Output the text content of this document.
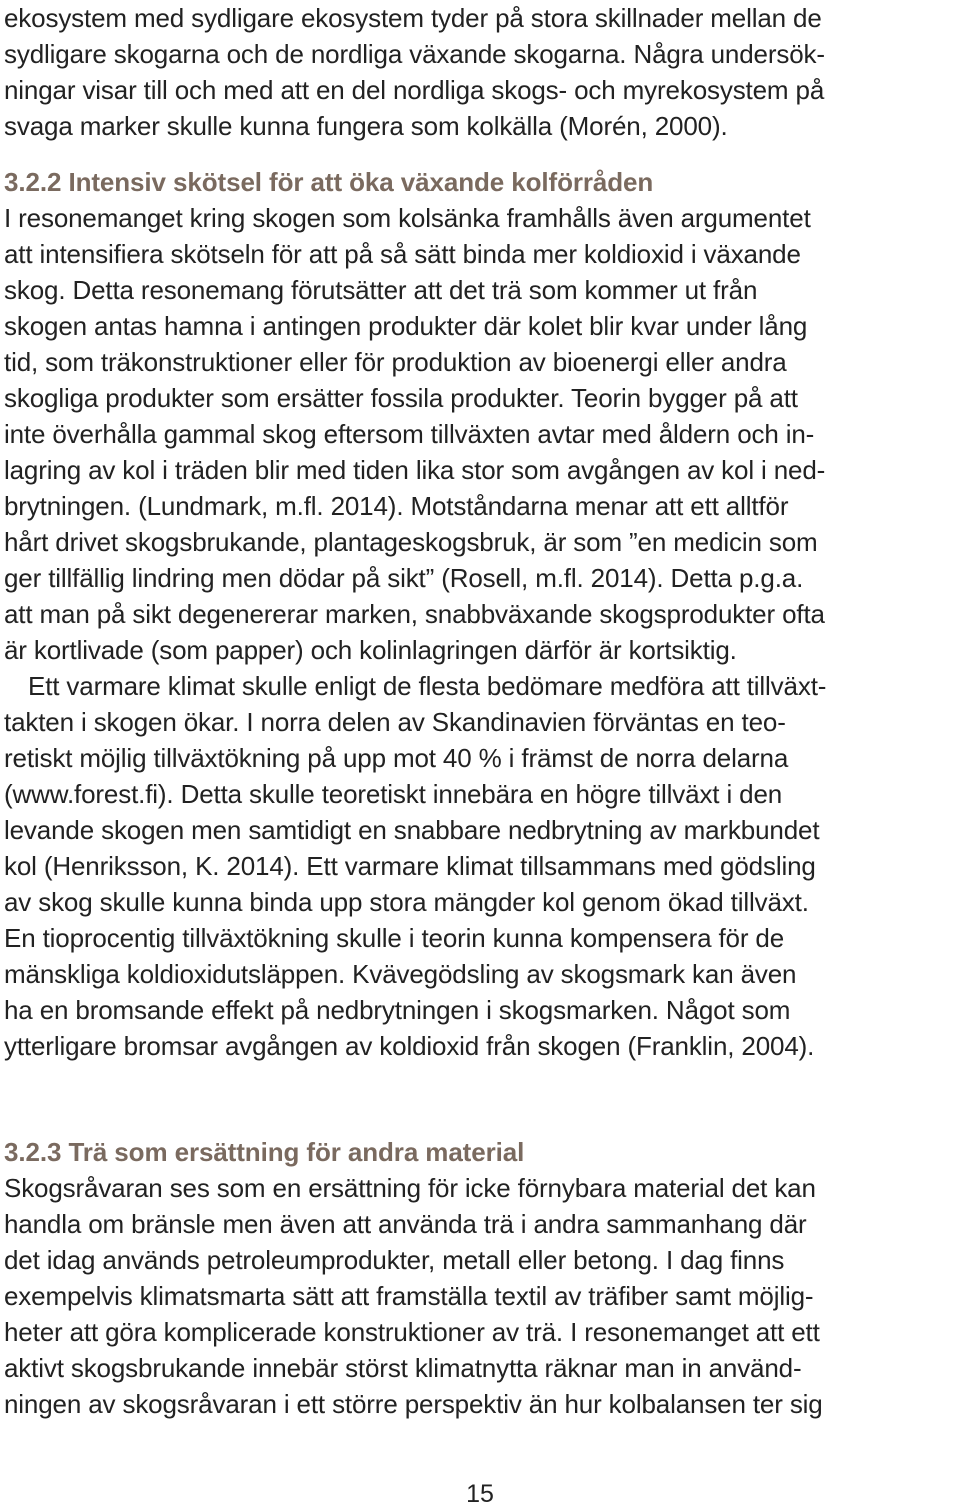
ekosystem med sydligare ekosystem tyder på stora skillnader mellan de
sydligare skogarna och de nordliga växande skogarna. Några undersök-
ningar visar till och med att en del nordliga skogs- och myrekosystem på
svaga marker skulle kunna fungera som kolkälla (Morén, 2000).
3.2.2 Intensiv skötsel för att öka växande kolförråden
I resonemanget kring skogen som kolsänka framhålls även argumentet
att intensifiera skötseln för att på så sätt binda mer koldioxid i växande
skog. Detta resonemang förutsätter att det trä som kommer ut från
skogen antas hamna i antingen produkter där kolet blir kvar under lång
tid, som träkonstruktioner eller för produktion av bioenergi eller andra
skogliga produkter som ersätter fossila produkter. Teorin bygger på att
inte överhålla gammal skog eftersom tillväxten avtar med åldern och in-
lagring av kol i träden blir med tiden lika stor som avgången av kol i ned-
brytningen. (Lundmark, m.fl. 2014). Motståndarna menar att ett alltför
hårt drivet skogsbrukande, plantageskogsbruk, är som ”en medicin som
ger tillfällig lindring men dödar på sikt” (Rosell, m.fl. 2014). Detta p.g.a.
att man på sikt degenererar marken, snabbväxande skogsprodukter ofta
är kortlivade (som papper) och kolinlagringen därför är kortsiktig.
Ett varmare klimat skulle enligt de flesta bedömare medföra att tillväxt-
takten i skogen ökar. I norra delen av Skandinavien förväntas en teo-
retiskt möjlig tillväxtökning på upp mot 40 % i främst de norra delarna
(www.forest.fi). Detta skulle teoretiskt innebära en högre tillväxt i den
levande skogen men samtidigt en snabbare nedbrytning av markbundet
kol (Henriksson, K. 2014). Ett varmare klimat tillsammans med gödsling
av skog skulle kunna binda upp stora mängder kol genom ökad tillväxt.
En tioprocentig tillväxtökning skulle i teorin kunna kompensera för de
mänskliga koldioxidutsläppen. Kvävegödsling av skogsmark kan även
ha en bromsande effekt på nedbrytningen i skogsmarken. Något som
ytterligare bromsar avgången av koldioxid från skogen (Franklin, 2004).
3.2.3 Trä som ersättning för andra material
Skogsråvaran ses som en ersättning för icke förnybara material det kan
handla om bränsle men även att använda trä i andra sammanhang där
det idag används petroleumprodukter, metall eller betong. I dag finns
exempelvis klimatsmarta sätt att framställa textil av träfiber samt möjlig-
heter att göra komplicerade konstruktioner av trä. I resonemanget att ett
aktivt skogsbrukande innebär störst klimatnytta räknar man in använd-
ningen av skogsråvaran i ett större perspektiv än hur kolbalansen ter sig
15
